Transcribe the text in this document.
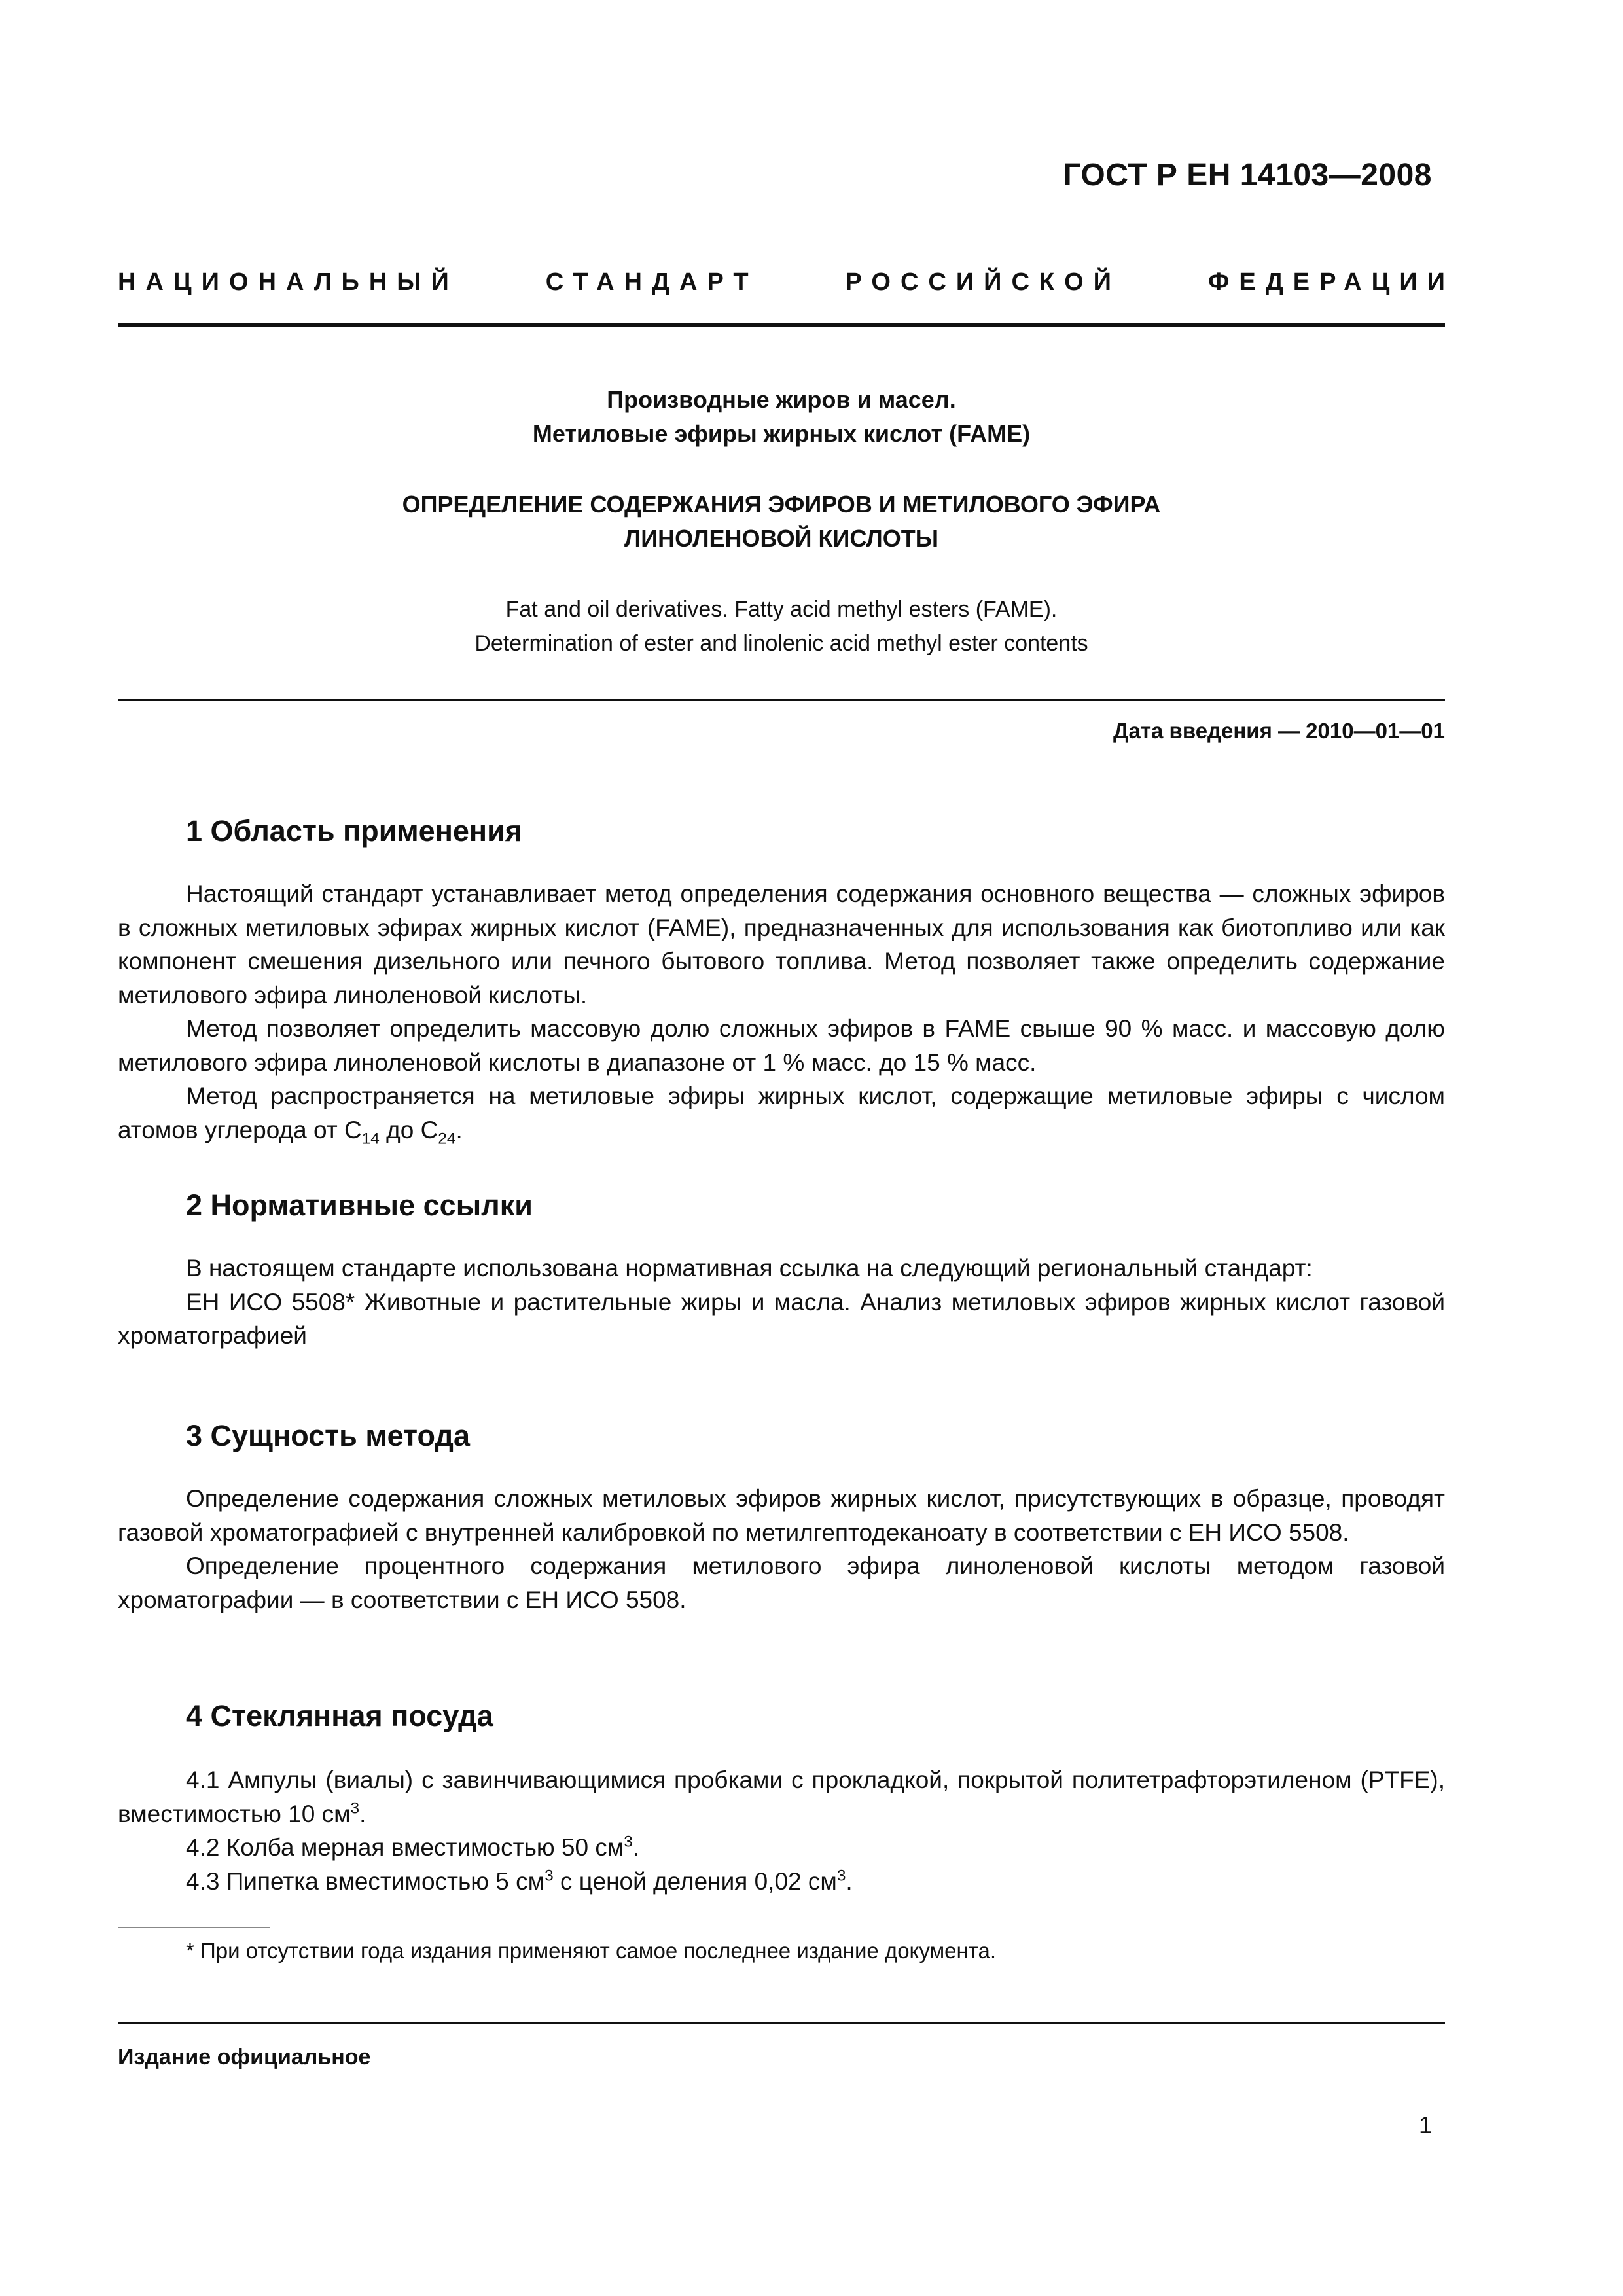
ГОСТ Р ЕН 14103—2008
НАЦИОНАЛЬНЫЙ	СТАНДАРТ	РОССИЙСКОЙ	ФЕДЕРАЦИИ
Производные жиров и масел.
Метиловые эфиры жирных кислот (FAME)
ОПРЕДЕЛЕНИЕ СОДЕРЖАНИЯ ЭФИРОВ И МЕТИЛОВОГО ЭФИРА
ЛИНОЛЕНОВОЙ КИСЛОТЫ
Fat and oil derivatives. Fatty acid methyl esters (FAME).
Determination of ester and linolenic acid methyl ester contents
Дата введения — 2010—01—01
1 Область применения

Настоящий стандарт устанавливает метод определения содержания основного вещества — сложных эфиров в сложных метиловых эфирах жирных кислот (FAME), предназначенных для использования как биотопливо или как компонент смешения дизельного или печного бытового топлива. Метод позволяет также определить содержание метилового эфира линоленовой кислоты.

Метод позволяет определить массовую долю сложных эфиров в FAME свыше 90 % масс. и массовую долю метилового эфира линоленовой кислоты в диапазоне от 1 % масс. до 15 % масс.

Метод распространяется на метиловые эфиры жирных кислот, содержащие метиловые эфиры с числом атомов углерода от $С_{14}$ до $С_{24}$.

2 Нормативные ссылки

В настоящем стандарте использована нормативная ссылка на следующий региональный стандарт:

ЕН ИСО 5508* Животные и растительные жиры и масла. Анализ метиловых эфиров жирных кислот газовой хроматографией

3 Сущность метода

Определение содержания сложных метиловых эфиров жирных кислот, присутствующих в образце, проводят газовой хроматографией с внутренней калибровкой по метилгептодеканоату в соответствии с ЕН ИСО 5508.

Определение процентного содержания метилового эфира линоленовой кислоты методом газовой хроматографии — в соответствии с ЕН ИСО 5508.

4 Стеклянная посуда

4.1 Ампулы (виалы) с завинчивающимися пробками с прокладкой, покрытой политетрафторэтиленом (PTFE), вместимостью 10 $см^3$.

4.2 Колба мерная вместимостью 50 $см^3$.

4.3 Пипетка вместимостью 5 $см^3$ с ценой деления 0,02 $см^3$.

* При отсутствии года издания применяют самое последнее издание документа.
Издание официальное
1
